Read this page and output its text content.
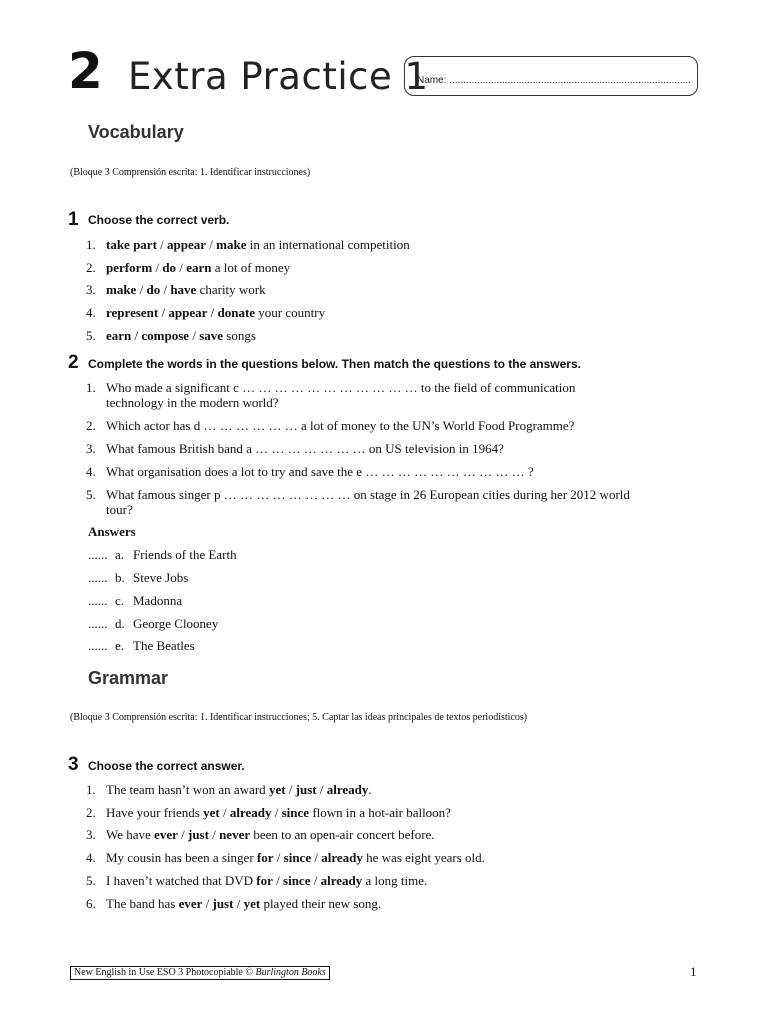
2 Extra Practice 1
Name: .......................................................................................
Vocabulary
(Bloque 3 Comprensión escrita: 1. Identificar instrucciones)
1 Choose the correct verb.
1. take part / appear / make in an international competition
2. perform / do / earn a lot of money
3. make / do / have charity work
4. represent / appear / donate your country
5. earn / compose / save songs
2 Complete the words in the questions below. Then match the questions to the answers.
1. Who made a significant c … … … … … … … … … … … to the field of communication technology in the modern world?
2. Which actor has d … … … … … … a lot of money to the UN’s World Food Programme?
3. What famous British band a … … … … … … … on US television in 1964?
4. What organisation does a lot to try and save the e … … … … … … … … … … ?
5. What famous singer p … … … … … … … … on stage in 26 European cities during her 2012 world tour?
Answers
...... a. Friends of the Earth
...... b. Steve Jobs
...... c. Madonna
...... d. George Clooney
...... e. The Beatles
Grammar
(Bloque 3 Comprensión escrita: 1. Identificar instrucciones; 5. Captar las ideas principales de textos periodísticos)
3 Choose the correct answer.
1. The team hasn’t won an award yet / just / already.
2. Have your friends yet / already / since flown in a hot-air balloon?
3. We have ever / just / never been to an open-air concert before.
4. My cousin has been a singer for / since / already he was eight years old.
5. I haven’t watched that DVD for / since / already a long time.
6. The band has ever / just / yet played their new song.
New English in Use ESO 3 Photocopiable © Burlington Books	1
